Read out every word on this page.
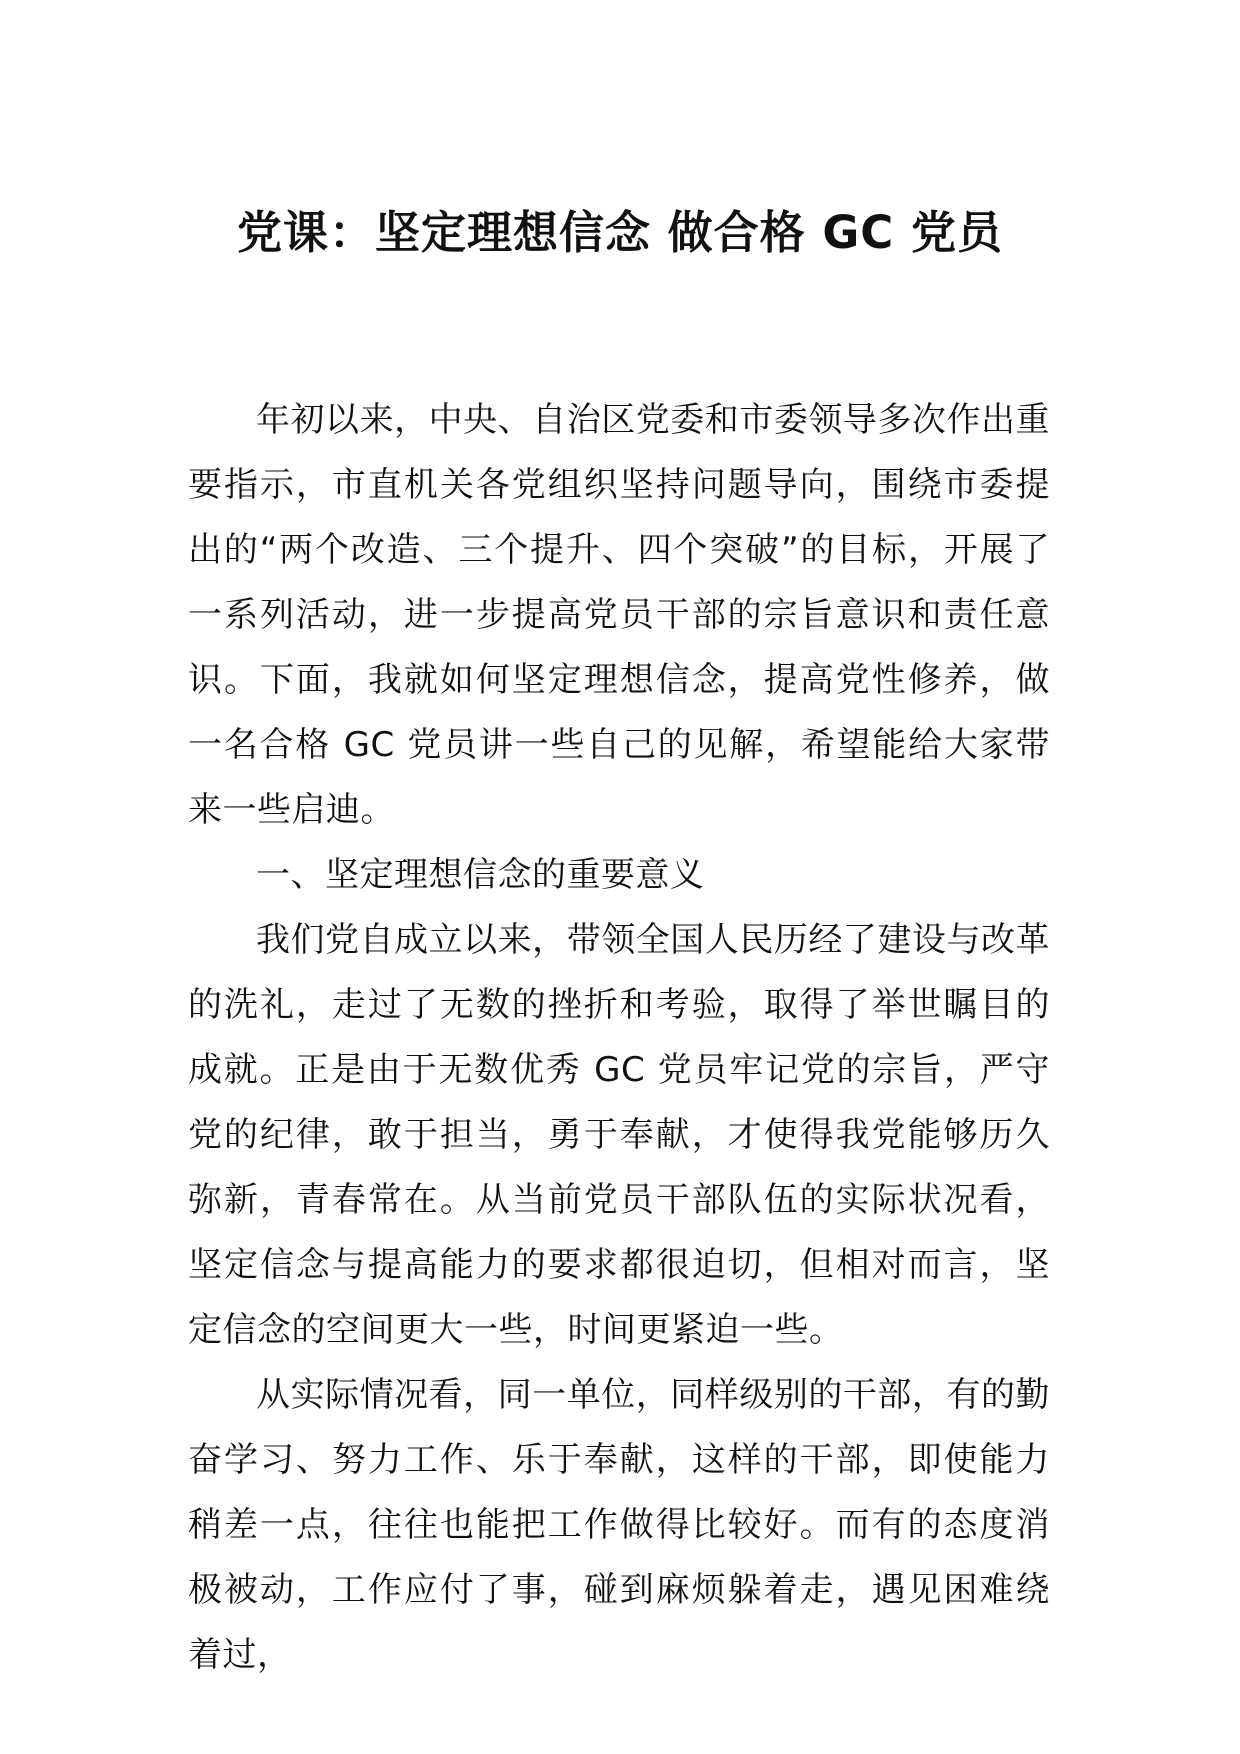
党课：坚定理想信念 做合格 GC 党员

年初以来，中央、自治区党委和市委领导多次作出重要指示，市直机关各党组织坚持问题导向，围绕市委提出的“两个改造、三个提升、四个突破”的目标，开展了一系列活动，进一步提高党员干部的宗旨意识和责任意识。下面，我就如何坚定理想信念，提高党性修养，做一名合格 GC 党员讲一些自己的见解，希望能给大家带来一些启迪。

一、坚定理想信念的重要意义

我们党自成立以来，带领全国人民历经了建设与改革的洗礼，走过了无数的挫折和考验，取得了举世瞩目的成就。正是由于无数优秀 GC 党员牢记党的宗旨，严守党的纪律，敢于担当，勇于奉献，才使得我党能够历久弥新，青春常在。从当前党员干部队伍的实际状况看，坚定信念与提高能力的要求都很迫切，但相对而言，坚定信念的空间更大一些，时间更紧迫一些。

从实际情况看，同一单位，同样级别的干部，有的勤奋学习、努力工作、乐于奉献，这样的干部，即使能力稍差一点，往往也能把工作做得比较好。而有的态度消极被动，工作应付了事，碰到麻烦躲着走，遇见困难绕着过，
